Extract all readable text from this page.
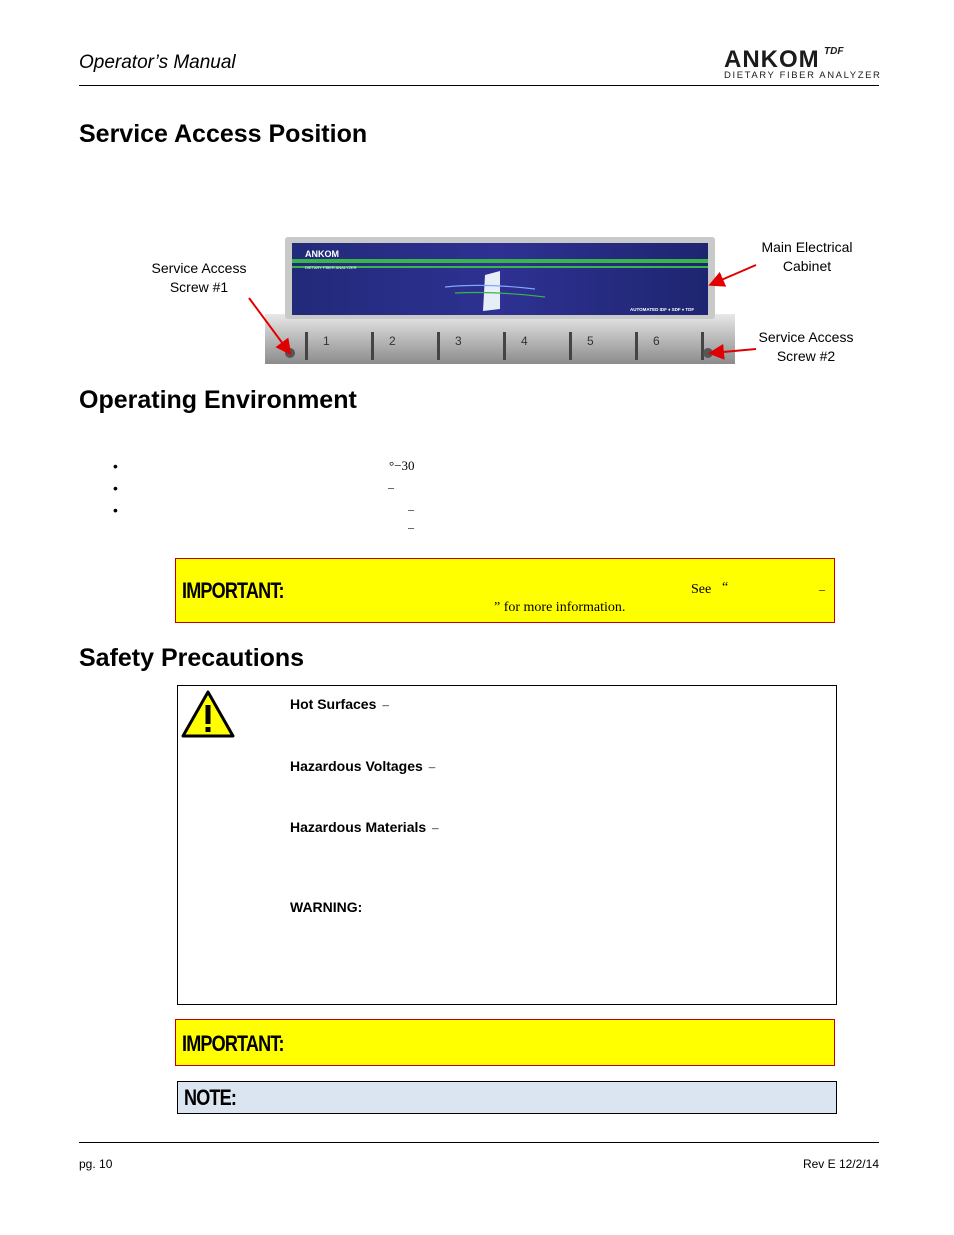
Operator’s Manual	ANKOM TDF
DIETARY FIBER ANALYZER
Service Access Position
Service Access
Screw #1
Main Electrical
Cabinet
Service Access
Screw #2
ANKOM
DIETARY FIBER ANALYZER
AUTOMATED IDF ♦ SDF ♦ TDF
1	2	3	4	5	6
Operating Environment
•	°−30
•	–
•	–
–
IMPORTANT:	See “	–
” for more information.
Safety Precautions
Hot Surfaces –
Hazardous Voltages –
Hazardous Materials –
WARNING:
IMPORTANT:
NOTE:
pg. 10	Rev E 12/2/14
